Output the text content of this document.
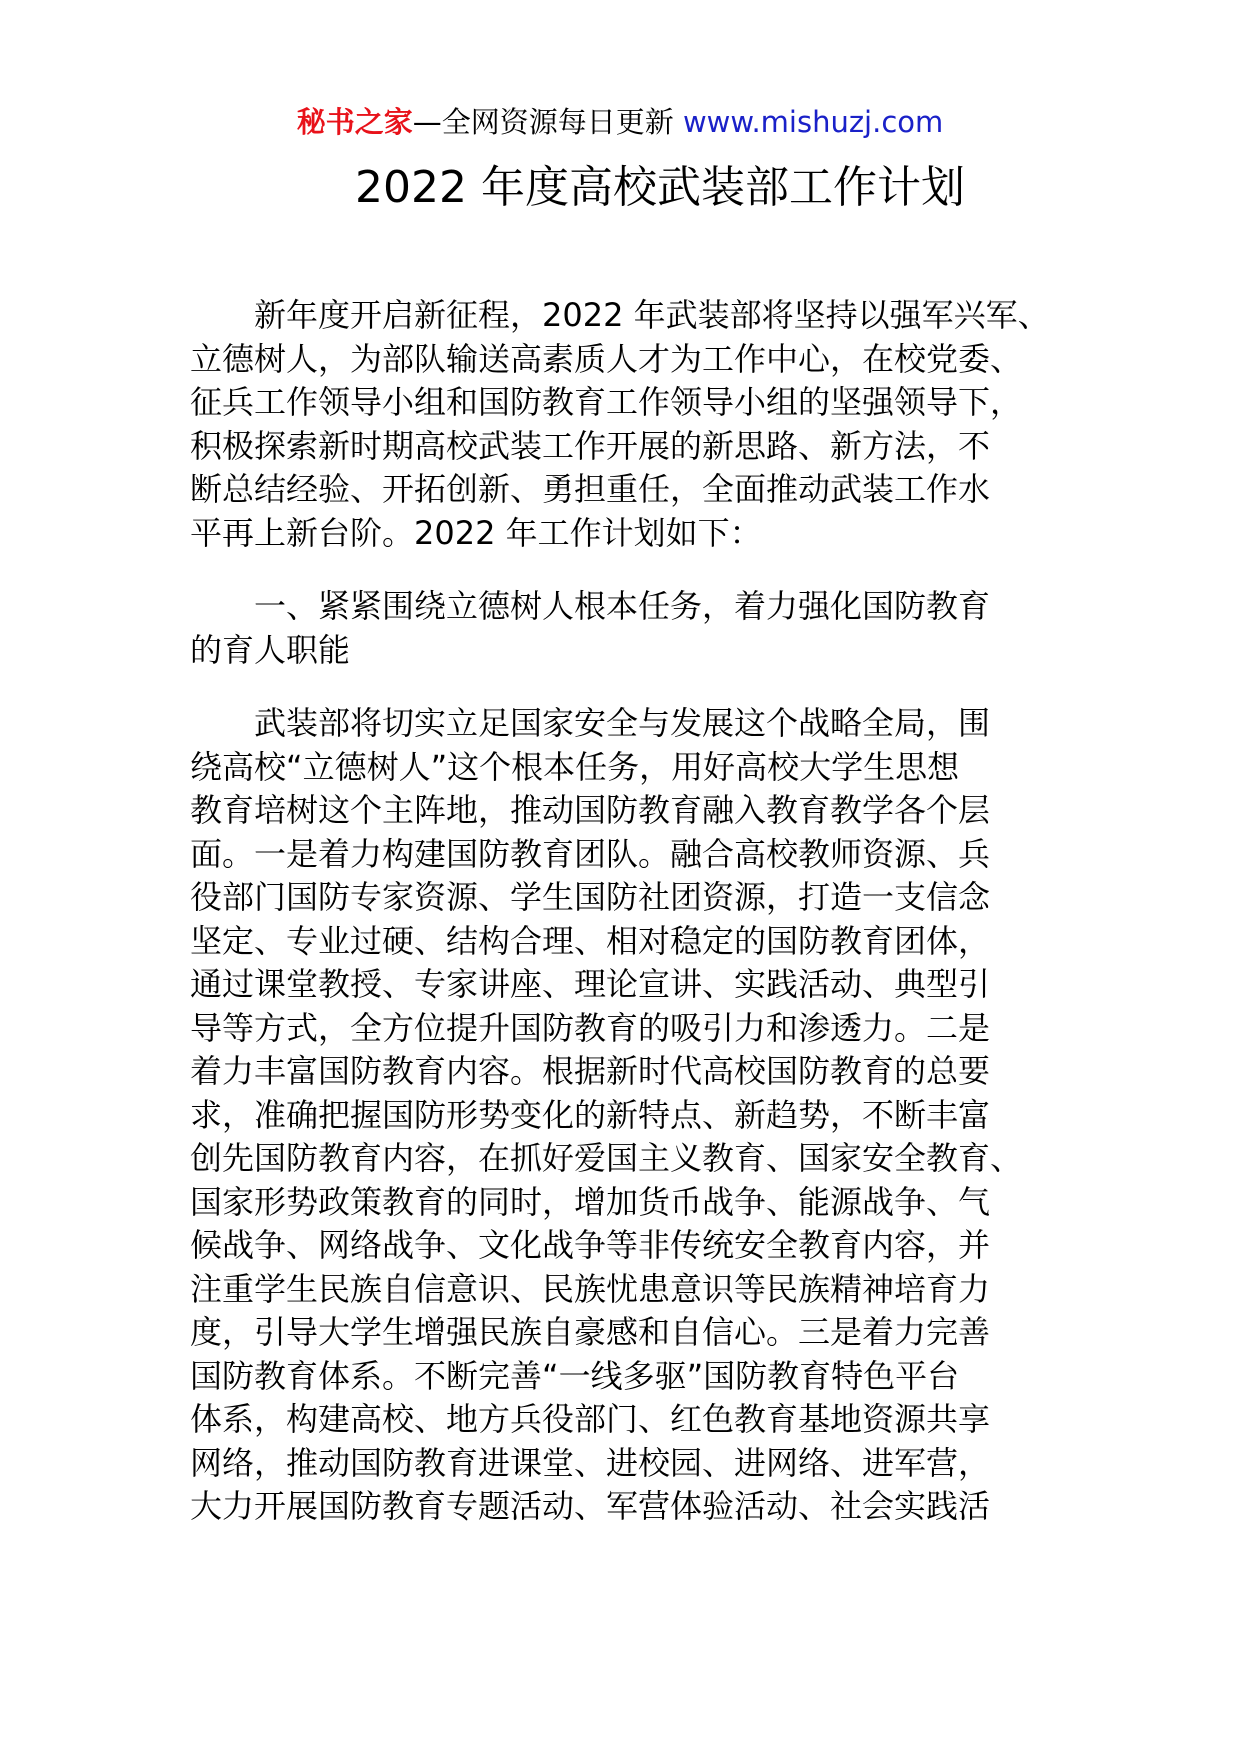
秘书之家—全网资源每日更新 www.mishuzj.com
2022 年度高校武装部工作计划
新年度开启新征程，2022 年武装部将坚持以强军兴军、
立德树人，为部队输送高素质人才为工作中心，在校党委、
征兵工作领导小组和国防教育工作领导小组的坚强领导下，
积极探索新时期高校武装工作开展的新思路、新方法，不
断总结经验、开拓创新、勇担重任，全面推动武装工作水
平再上新台阶。2022 年工作计划如下：
一、紧紧围绕立德树人根本任务，着力强化国防教育
的育人职能
武装部将切实立足国家安全与发展这个战略全局，围
绕高校“立德树人”这个根本任务，用好高校大学生思想
教育培树这个主阵地，推动国防教育融入教育教学各个层
面。一是着力构建国防教育团队。融合高校教师资源、兵
役部门国防专家资源、学生国防社团资源，打造一支信念
坚定、专业过硬、结构合理、相对稳定的国防教育团体，
通过课堂教授、专家讲座、理论宣讲、实践活动、典型引
导等方式，全方位提升国防教育的吸引力和渗透力。二是
着力丰富国防教育内容。根据新时代高校国防教育的总要
求，准确把握国防形势变化的新特点、新趋势，不断丰富
创先国防教育内容，在抓好爱国主义教育、国家安全教育、
国家形势政策教育的同时，增加货币战争、能源战争、气
候战争、网络战争、文化战争等非传统安全教育内容，并
注重学生民族自信意识、民族忧患意识等民族精神培育力
度，引导大学生增强民族自豪感和自信心。三是着力完善
国防教育体系。不断完善“一线多驱”国防教育特色平台
体系，构建高校、地方兵役部门、红色教育基地资源共享
网络，推动国防教育进课堂、进校园、进网络、进军营，
大力开展国防教育专题活动、军营体验活动、社会实践活
